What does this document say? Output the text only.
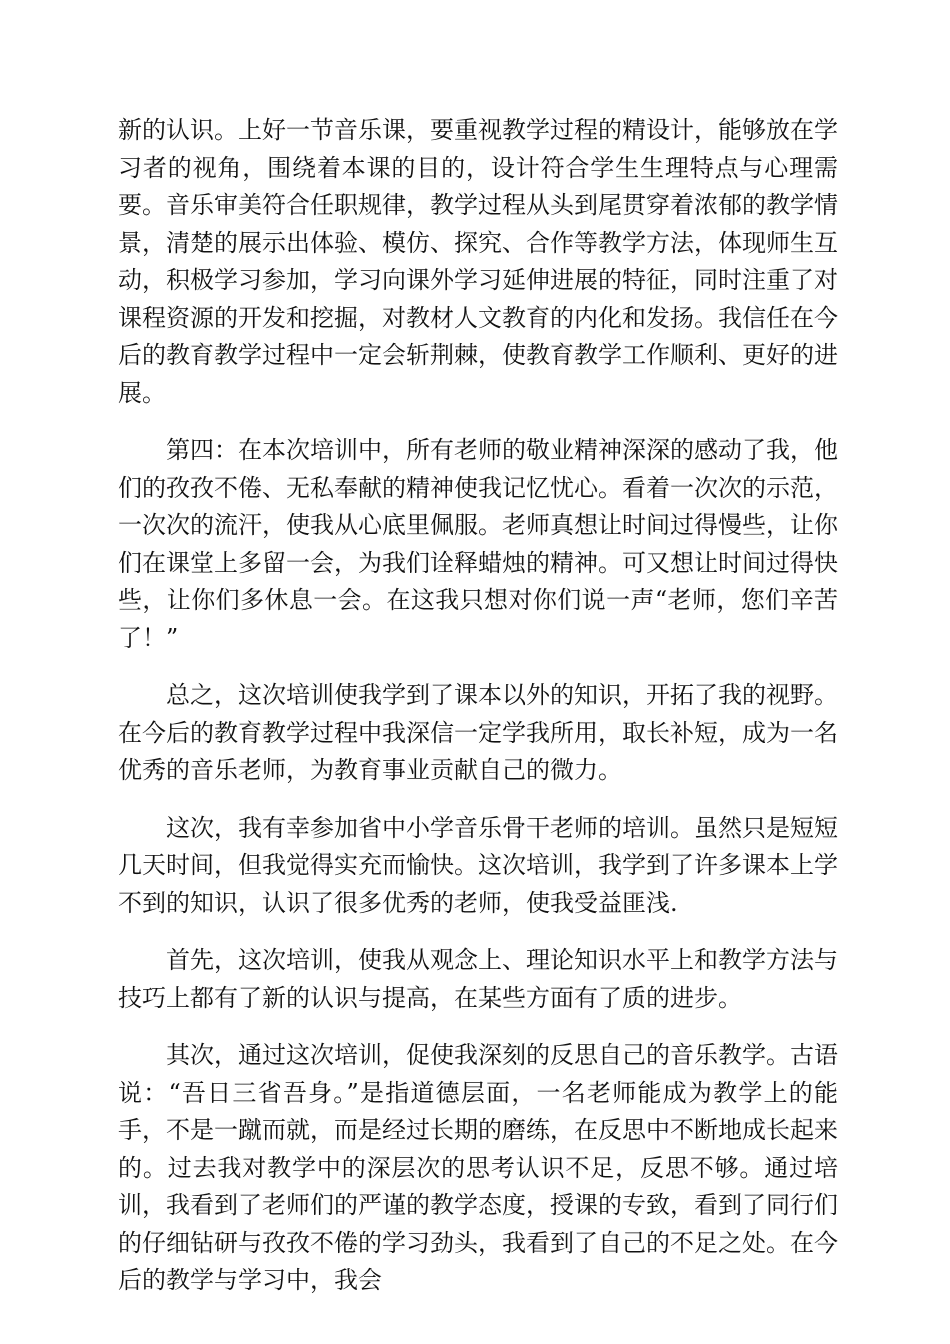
新的认识。上好一节音乐课，要重视教学过程的精设计，能够放在学习者的视角，围绕着本课的目的，设计符合学生生理特点与心理需要。音乐审美符合任职规律，教学过程从头到尾贯穿着浓郁的教学情景，清楚的展示出体验、模仿、探究、合作等教学方法，体现师生互动，积极学习参加，学习向课外学习延伸进展的特征，同时注重了对课程资源的开发和挖掘，对教材人文教育的内化和发扬。我信任在今后的教育教学过程中一定会斩荆棘，使教育教学工作顺利、更好的进展。

第四：在本次培训中，所有老师的敬业精神深深的感动了我，他们的孜孜不倦、无私奉献的精神使我记忆忧心。看着一次次的示范，一次次的流汗，使我从心底里佩服。老师真想让时间过得慢些，让你们在课堂上多留一会，为我们诠释蜡烛的精神。可又想让时间过得快些，让你们多休息一会。在这我只想对你们说一声“老师，您们辛苦了！”

总之，这次培训使我学到了课本以外的知识，开拓了我的视野。在今后的教育教学过程中我深信一定学我所用，取长补短，成为一名优秀的音乐老师，为教育事业贡献自己的微力。

这次，我有幸参加省中小学音乐骨干老师的培训。虽然只是短短几天时间，但我觉得实充而愉快。这次培训，我学到了许多课本上学不到的知识，认识了很多优秀的老师，使我受益匪浅.

首先，这次培训，使我从观念上、理论知识水平上和教学方法与技巧上都有了新的认识与提高，在某些方面有了质的进步。

其次，通过这次培训，促使我深刻的反思自己的音乐教学。古语说：“吾日三省吾身。”是指道德层面，一名老师能成为教学上的能手，不是一蹴而就，而是经过长期的磨练，在反思中不断地成长起来的。过去我对教学中的深层次的思考认识不足，反思不够。通过培训，我看到了老师们的严谨的教学态度，授课的专致，看到了同行们的仔细钻研与孜孜不倦的学习劲头，我看到了自己的不足之处。在今后的教学与学习中，我会
